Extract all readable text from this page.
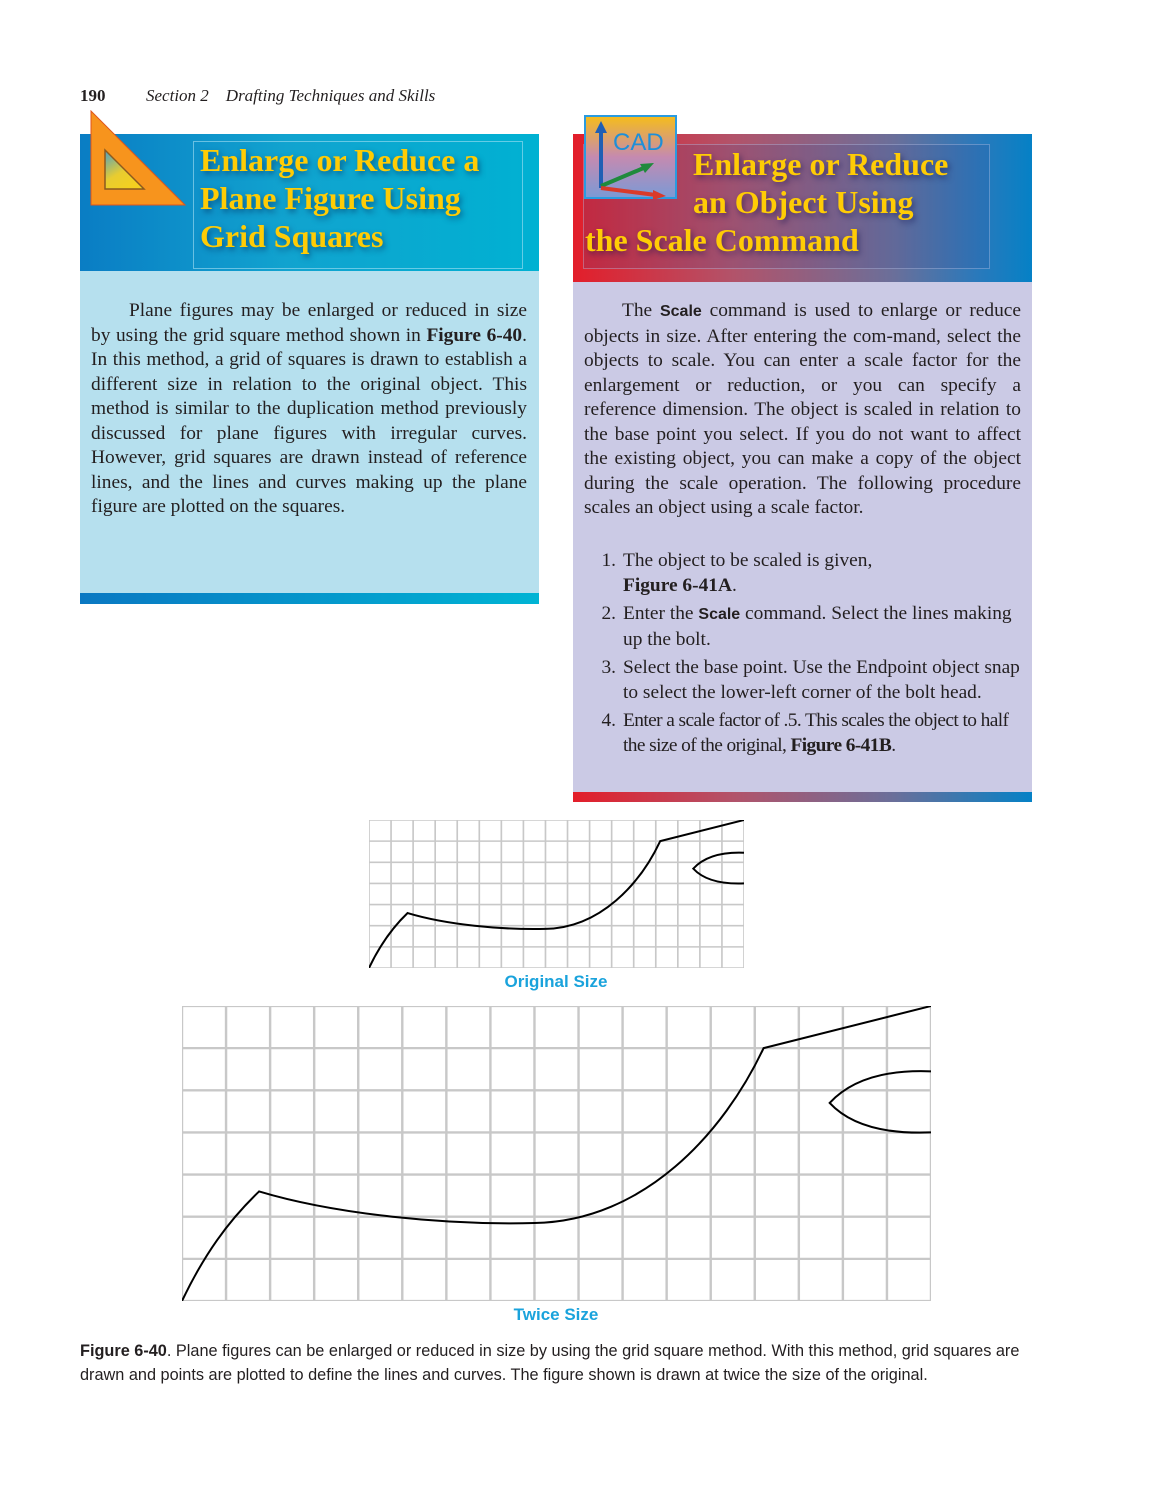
190 Section 2    Drafting Techniques and Skills
Enlarge or Reduce a
Plane Figure Using
Grid Squares
Plane figures may be enlarged or reduced in size by using the grid square method shown in Figure 6-40. In this method, a grid of squares is drawn to establish a different size in relation to the original object. This method is similar to the duplication method previously discussed for plane figures with irregular curves. However, grid squares are drawn instead of reference lines, and the lines and curves making up the plane figure are plotted on the squares.
CAD
Enlarge or Reduce
an Object Using
the Scale Command
The Scale command is used to enlarge or reduce objects in size. After entering the com-mand, select the objects to scale. You can enter a scale factor for the enlargement or reduction, or you can specify a reference dimension. The object is scaled in relation to the base point you select. If you do not want to affect the existing object, you can make a copy of the object during the scale operation. The following procedure scales an object using a scale factor.
1. The object to be scaled is given,
Figure 6-41A.
2. Enter the Scale command. Select the lines making up the bolt.
3. Select the base point. Use the Endpoint object snap to select the lower-left corner of the bolt head.
4. Enter a scale factor of .5. This scales the object to half the size of the original, Figure 6-41B.
Original Size
Twice Size
Figure 6-40. Plane figures can be enlarged or reduced in size by using the grid square method. With this method, grid squares are drawn and points are plotted to define the lines and curves. The figure shown is drawn at twice the size of the original.
